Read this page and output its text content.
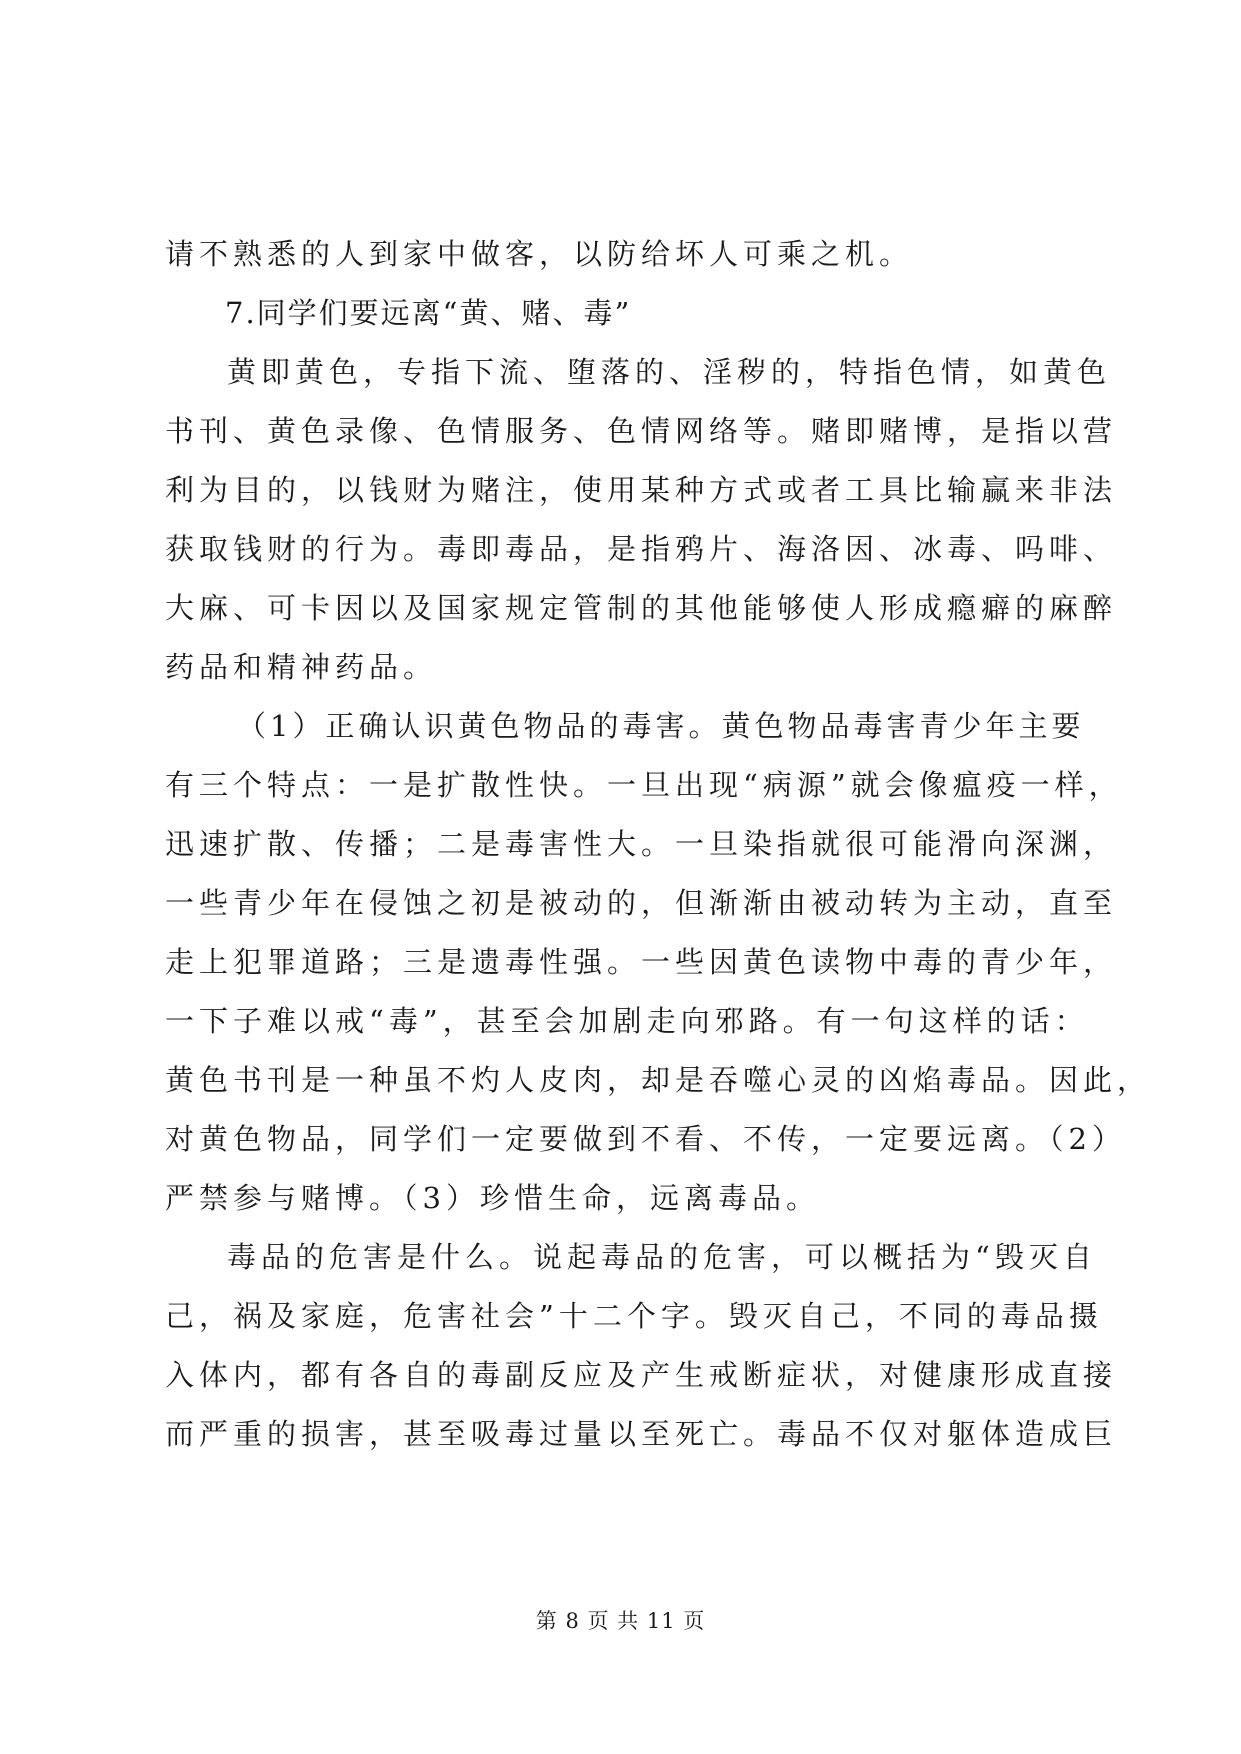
请不熟悉的人到家中做客，以防给坏人可乘之机。
7.同学们要远离“黄、赌、毒”
黄即黄色，专指下流、堕落的、淫秽的，特指色情，如黄色
书刊、黄色录像、色情服务、色情网络等。赌即赌博，是指以营
利为目的，以钱财为赌注，使用某种方式或者工具比输赢来非法
获取钱财的行为。毒即毒品，是指鸦片、海洛因、冰毒、吗啡、
大麻、可卡因以及国家规定管制的其他能够使人形成瘾癖的麻醉
药品和精神药品。
（1）正确认识黄色物品的毒害。黄色物品毒害青少年主要
有三个特点：一是扩散性快。一旦出现“病源”就会像瘟疫一样，
迅速扩散、传播；二是毒害性大。一旦染指就很可能滑向深渊，
一些青少年在侵蚀之初是被动的，但渐渐由被动转为主动，直至
走上犯罪道路；三是遗毒性强。一些因黄色读物中毒的青少年，
一下子难以戒“毒”，甚至会加剧走向邪路。有一句这样的话：
黄色书刊是一种虽不灼人皮肉，却是吞噬心灵的凶焰毒品。因此，
对黄色物品，同学们一定要做到不看、不传，一定要远离。（2）
严禁参与赌博。（3）珍惜生命，远离毒品。
毒品的危害是什么。说起毒品的危害，可以概括为“毁灭自
己，祸及家庭，危害社会”十二个字。毁灭自己，不同的毒品摄
入体内，都有各自的毒副反应及产生戒断症状，对健康形成直接
而严重的损害，甚至吸毒过量以至死亡。毒品不仅对躯体造成巨
第 8 页 共 11 页
